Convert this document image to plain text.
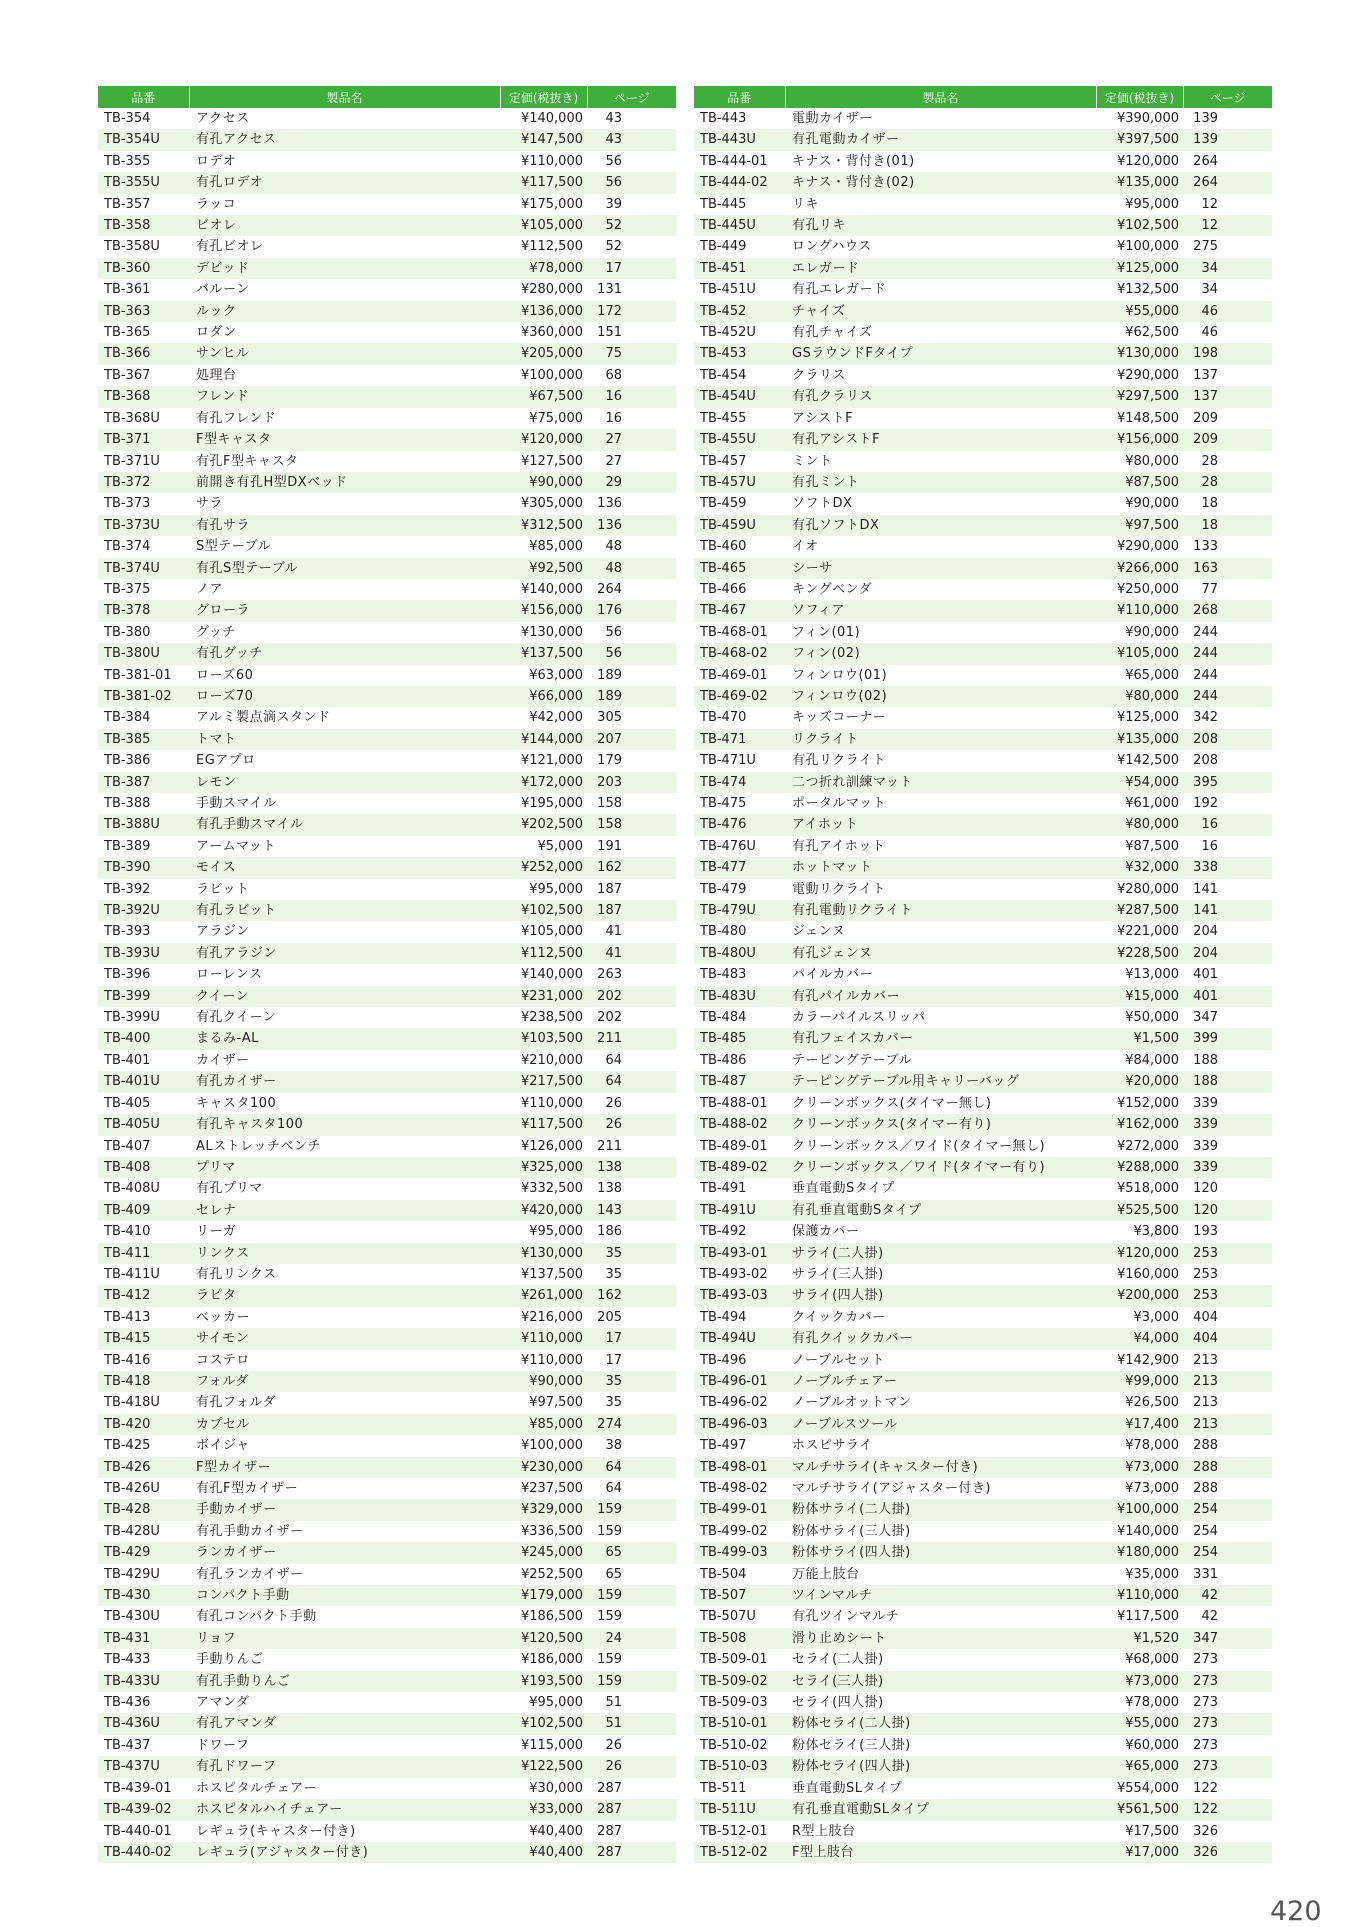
品番	製品名	定価(税抜き)	ページ
TB-354	アクセス	¥140,000	43
TB-354U	有孔アクセス	¥147,500	43
TB-355	ロデオ	¥110,000	56
TB-355U	有孔ロデオ	¥117,500	56
TB-357	ラッコ	¥175,000	39
TB-358	ビオレ	¥105,000	52
TB-358U	有孔ビオレ	¥112,500	52
TB-360	デビッド	¥78,000	17
TB-361	バルーン	¥280,000	131
TB-363	ルック	¥136,000	172
TB-365	ロダン	¥360,000	151
TB-366	サンヒル	¥205,000	75
TB-367	処理台	¥100,000	68
TB-368	フレンド	¥67,500	16
TB-368U	有孔フレンド	¥75,000	16
TB-371	F型キャスタ	¥120,000	27
TB-371U	有孔F型キャスタ	¥127,500	27
TB-372	前開き有孔H型DXベッド	¥90,000	29
TB-373	サラ	¥305,000	136
TB-373U	有孔サラ	¥312,500	136
TB-374	S型テーブル	¥85,000	48
TB-374U	有孔S型テーブル	¥92,500	48
TB-375	ノア	¥140,000	264
TB-378	グローラ	¥156,000	176
TB-380	グッチ	¥130,000	56
TB-380U	有孔グッチ	¥137,500	56
TB-381-01	ローズ60	¥63,000	189
TB-381-02	ローズ70	¥66,000	189
TB-384	アルミ製点滴スタンド	¥42,000	305
TB-385	トマト	¥144,000	207
TB-386	EGアプロ	¥121,000	179
TB-387	レモン	¥172,000	203
TB-388	手動スマイル	¥195,000	158
TB-388U	有孔手動スマイル	¥202,500	158
TB-389	アームマット	¥5,000	191
TB-390	モイス	¥252,000	162
TB-392	ラビット	¥95,000	187
TB-392U	有孔ラビット	¥102,500	187
TB-393	アラジン	¥105,000	41
TB-393U	有孔アラジン	¥112,500	41
TB-396	ローレンス	¥140,000	263
TB-399	クイーン	¥231,000	202
TB-399U	有孔クイーン	¥238,500	202
TB-400	まるみ-AL	¥103,500	211
TB-401	カイザー	¥210,000	64
TB-401U	有孔カイザー	¥217,500	64
TB-405	キャスタ100	¥110,000	26
TB-405U	有孔キャスタ100	¥117,500	26
TB-407	ALストレッチベンチ	¥126,000	211
TB-408	プリマ	¥325,000	138
TB-408U	有孔プリマ	¥332,500	138
TB-409	セレナ	¥420,000	143
TB-410	リーガ	¥95,000	186
TB-411	リンクス	¥130,000	35
TB-411U	有孔リンクス	¥137,500	35
TB-412	ラピタ	¥261,000	162
TB-413	ベッカー	¥216,000	205
TB-415	サイモン	¥110,000	17
TB-416	コステロ	¥110,000	17
TB-418	フォルダ	¥90,000	35
TB-418U	有孔フォルダ	¥97,500	35
TB-420	カプセル	¥85,000	274
TB-425	ボイジャ	¥100,000	38
TB-426	F型カイザー	¥230,000	64
TB-426U	有孔F型カイザー	¥237,500	64
TB-428	手動カイザー	¥329,000	159
TB-428U	有孔手動カイザー	¥336,500	159
TB-429	ランカイザー	¥245,000	65
TB-429U	有孔ランカイザー	¥252,500	65
TB-430	コンパクト手動	¥179,000	159
TB-430U	有孔コンパクト手動	¥186,500	159
TB-431	リョフ	¥120,500	24
TB-433	手動りんご	¥186,000	159
TB-433U	有孔手動りんご	¥193,500	159
TB-436	アマンダ	¥95,000	51
TB-436U	有孔アマンダ	¥102,500	51
TB-437	ドワーフ	¥115,000	26
TB-437U	有孔ドワーフ	¥122,500	26
TB-439-01	ホスピタルチェアー	¥30,000	287
TB-439-02	ホスピタルハイチェアー	¥33,000	287
TB-440-01	レギュラ(キャスター付き)	¥40,400	287
TB-440-02	レギュラ(アジャスター付き)	¥40,400	287
品番	製品名	定価(税抜き)	ページ
TB-443	電動カイザー	¥390,000	139
TB-443U	有孔電動カイザー	¥397,500	139
TB-444-01	キナス・背付き(01)	¥120,000	264
TB-444-02	キナス・背付き(02)	¥135,000	264
TB-445	リキ	¥95,000	12
TB-445U	有孔リキ	¥102,500	12
TB-449	ロングハウス	¥100,000	275
TB-451	エレガード	¥125,000	34
TB-451U	有孔エレガード	¥132,500	34
TB-452	チャイズ	¥55,000	46
TB-452U	有孔チャイズ	¥62,500	46
TB-453	GSラウンドFタイプ	¥130,000	198
TB-454	クラリス	¥290,000	137
TB-454U	有孔クラリス	¥297,500	137
TB-455	アシストF	¥148,500	209
TB-455U	有孔アシストF	¥156,000	209
TB-457	ミント	¥80,000	28
TB-457U	有孔ミント	¥87,500	28
TB-459	ソフトDX	¥90,000	18
TB-459U	有孔ソフトDX	¥97,500	18
TB-460	イオ	¥290,000	133
TB-465	シーサ	¥266,000	163
TB-466	キングベンダ	¥250,000	77
TB-467	ソフィア	¥110,000	268
TB-468-01	フィン(01)	¥90,000	244
TB-468-02	フィン(02)	¥105,000	244
TB-469-01	フィンロウ(01)	¥65,000	244
TB-469-02	フィンロウ(02)	¥80,000	244
TB-470	キッズコーナー	¥125,000	342
TB-471	リクライト	¥135,000	208
TB-471U	有孔リクライト	¥142,500	208
TB-474	二つ折れ訓練マット	¥54,000	395
TB-475	ポータルマット	¥61,000	192
TB-476	アイホット	¥80,000	16
TB-476U	有孔アイホット	¥87,500	16
TB-477	ホットマット	¥32,000	338
TB-479	電動リクライト	¥280,000	141
TB-479U	有孔電動リクライト	¥287,500	141
TB-480	ジェンヌ	¥221,000	204
TB-480U	有孔ジェンヌ	¥228,500	204
TB-483	パイルカバー	¥13,000	401
TB-483U	有孔パイルカバー	¥15,000	401
TB-484	カラーパイルスリッパ	¥50,000	347
TB-485	有孔フェイスカバー	¥1,500	399
TB-486	テーピングテーブル	¥84,000	188
TB-487	テーピングテーブル用キャリーバッグ	¥20,000	188
TB-488-01	クリーンボックス(タイマー無し)	¥152,000	339
TB-488-02	クリーンボックス(タイマー有り)	¥162,000	339
TB-489-01	クリーンボックス／ワイド(タイマー無し)	¥272,000	339
TB-489-02	クリーンボックス／ワイド(タイマー有り)	¥288,000	339
TB-491	垂直電動Sタイプ	¥518,000	120
TB-491U	有孔垂直電動Sタイプ	¥525,500	120
TB-492	保護カバー	¥3,800	193
TB-493-01	サライ(二人掛)	¥120,000	253
TB-493-02	サライ(三人掛)	¥160,000	253
TB-493-03	サライ(四人掛)	¥200,000	253
TB-494	クイックカバー	¥3,000	404
TB-494U	有孔クイックカバー	¥4,000	404
TB-496	ノーブルセット	¥142,900	213
TB-496-01	ノーブルチェアー	¥99,000	213
TB-496-02	ノーブルオットマン	¥26,500	213
TB-496-03	ノーブルスツール	¥17,400	213
TB-497	ホスピサライ	¥78,000	288
TB-498-01	マルチサライ(キャスター付き)	¥73,000	288
TB-498-02	マルチサライ(アジャスター付き)	¥73,000	288
TB-499-01	粉体サライ(二人掛)	¥100,000	254
TB-499-02	粉体サライ(三人掛)	¥140,000	254
TB-499-03	粉体サライ(四人掛)	¥180,000	254
TB-504	万能上肢台	¥35,000	331
TB-507	ツインマルチ	¥110,000	42
TB-507U	有孔ツインマルチ	¥117,500	42
TB-508	滑り止めシート	¥1,520	347
TB-509-01	セライ(二人掛)	¥68,000	273
TB-509-02	セライ(三人掛)	¥73,000	273
TB-509-03	セライ(四人掛)	¥78,000	273
TB-510-01	粉体セライ(二人掛)	¥55,000	273
TB-510-02	粉体セライ(三人掛)	¥60,000	273
TB-510-03	粉体セライ(四人掛)	¥65,000	273
TB-511	垂直電動SLタイプ	¥554,000	122
TB-511U	有孔垂直電動SLタイプ	¥561,500	122
TB-512-01	R型上肢台	¥17,500	326
TB-512-02	F型上肢台	¥17,000	326
420
